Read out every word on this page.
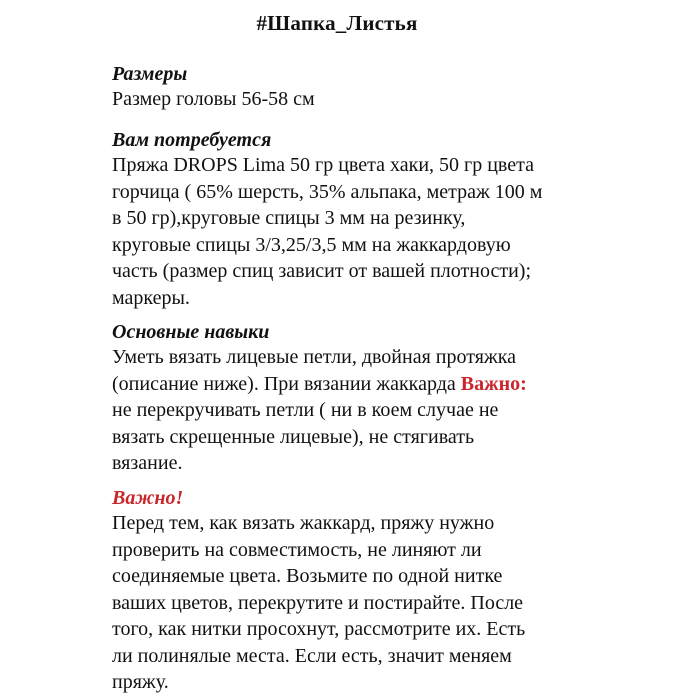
#Шапка_Листья
Размеры
Размер головы 56-58 см
Вам потребуется
Пряжа DROPS Lima 50 гр цвета хаки, 50 гр цвета
горчица ( 65% шерсть, 35% альпака, метраж 100 м
в 50 гр),круговые спицы 3 мм на резинку,
круговые спицы 3/3,25/3,5 мм на жаккардовую
часть (размер спиц зависит от вашей плотности);
маркеры.
Основные навыки
Уметь вязать лицевые петли, двойная протяжка
(описание ниже). При вязании жаккарда Важно:
не перекручивать петли ( ни в коем случае не
вязать скрещенные лицевые), не стягивать
вязание.
Важно!
Перед тем, как вязать жаккард, пряжу нужно
проверить на совместимость, не линяют ли
соединяемые цвета. Возьмите по одной нитке
ваших цветов, перекрутите и постирайте. После
того, как нитки просохнут, рассмотрите их. Есть
ли полинялые места. Если есть, значит меняем
пряжу.
